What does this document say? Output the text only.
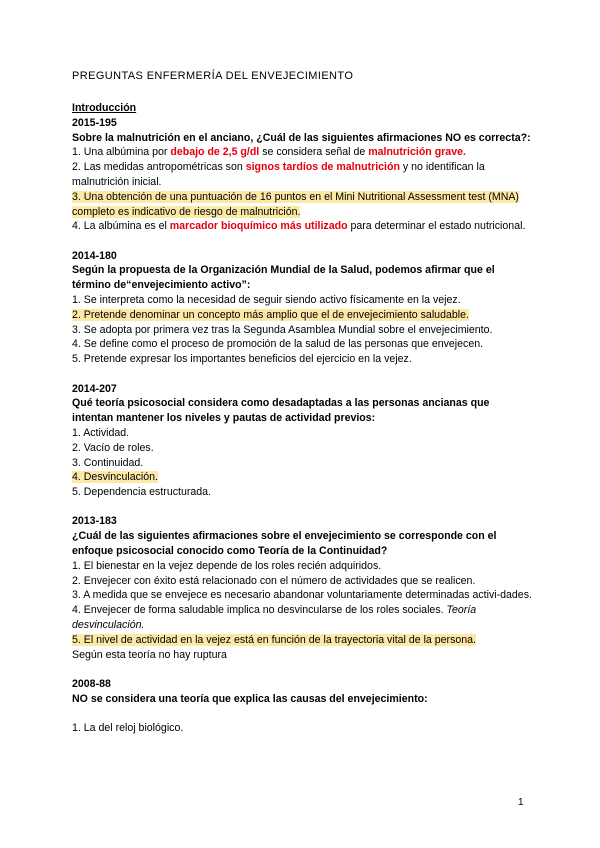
PREGUNTAS ENFERMERÍA DEL ENVEJECIMIENTO
Introducción
2015-195
Sobre la malnutrición en el anciano, ¿Cuál de las siguientes afirmaciones NO es correcta?:
1. Una albúmina por debajo de 2,5 g/dl se considera señal de malnutrición grave.
2. Las medidas antropométricas son signos tardíos de malnutrición y no identifican la malnutrición inicial.
3. Una obtención de una puntuación de 16 puntos en el Mini Nutritional Assessment test (MNA) completo es indicativo de riesgo de malnutrición.
4. La albúmina es el marcador bioquímico más utilizado para determinar el estado nutricional.
2014-180
Según la propuesta de la Organización Mundial de la Salud, podemos afirmar que el término de“envejecimiento activo”:
1. Se interpreta como la necesidad de seguir siendo activo físicamente en la vejez.
2. Pretende denominar un concepto más amplio que el de envejecimiento saludable.
3. Se adopta por primera vez tras la Segunda Asamblea Mundial sobre el envejecimiento.
4. Se define como el proceso de promoción de la salud de las personas que envejecen.
5. Pretende expresar los importantes beneficios del ejercicio en la vejez.
2014-207
Qué teoría psicosocial considera como desadaptadas a las personas ancianas que intentan mantener los niveles y pautas de actividad previos:
1. Actividad.
2. Vacío de roles.
3. Continuidad.
4. Desvinculación.
5. Dependencia estructurada.
2013-183
¿Cuál de las siguientes afirmaciones sobre el envejecimiento se corresponde con el enfoque psicosocial conocido como Teoría de la Continuidad?
1. El bienestar en la vejez depende de los roles recién adquiridos.
2. Envejecer con éxito está relacionado con el número de actividades que se realicen.
3. A medida que se envejece es necesario abandonar voluntariamente determinadas activi-dades.
4. Envejecer de forma saludable implica no desvincularse de los roles sociales. Teoría desvinculación.
5. El nivel de actividad en la vejez está en función de la trayectoria vital de la persona.
Según esta teoría no hay ruptura
2008-88
NO se considera una teoría que explica las causas del envejecimiento:
1. La del reloj biológico.
1
